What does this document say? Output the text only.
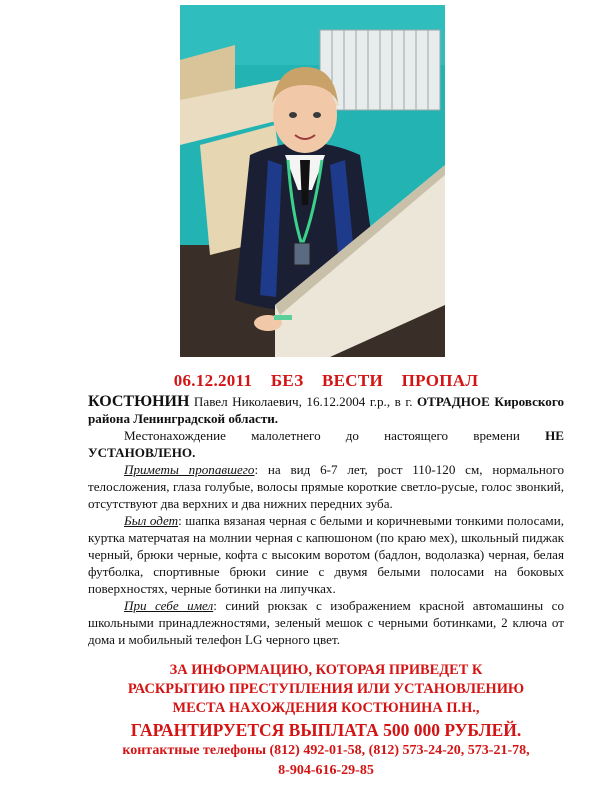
06.12.2011 БЕЗ ВЕСТИ ПРОПАЛ

КОСТЮНИН Павел Николаевич, 16.12.2004 г.р., в г. ОТРАДНОЕ Кировского района Ленинградской области.

Местонахождение малолетнего до настоящего времени НЕ УСТАНОВЛЕНО.

Приметы пропавшего: на вид 6-7 лет, рост 110-120 см, нормального телосложения, глаза голубые, волосы прямые короткие светло-русые, голос звонкий, отсутствуют два верхних и два нижних передних зуба.

Был одет: шапка вязаная черная с белыми и коричневыми тонкими полосами, куртка матерчатая на молнии черная с капюшоном (по краю мех), школьный пиджак черный, брюки черные, кофта с высоким воротом (бадлон, водолазка) черная, белая футболка, спортивные брюки синие с двумя белыми полосами на боковых поверхностях, черные ботинки на липучках.

При себе имел: синий рюкзак с изображением красной автомашины со школьными принадлежностями, зеленый мешок с черными ботинками, 2 ключа от дома и мобильный телефон LG черного цвет.

ЗА ИНФОРМАЦИЮ, КОТОРАЯ ПРИВЕДЕТ К
РАСКРЫТИЮ ПРЕСТУПЛЕНИЯ ИЛИ УСТАНОВЛЕНИЮ
МЕСТА НАХОЖДЕНИЯ КОСТЮНИНА П.Н.,
ГАРАНТИРУЕТСЯ ВЫПЛАТА 500 000 РУБЛЕЙ.
контактные телефоны (812) 492-01-58, (812) 573-24-20, 573-21-78,
8-904-616-29-85
